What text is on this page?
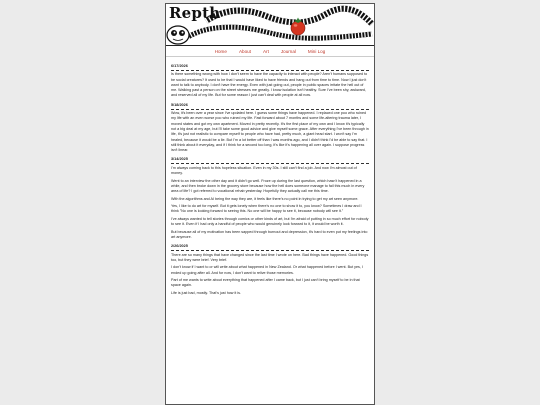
Repth
Home	About	Art	Journal	Mini Log
6/17/2026

Is there something wrong with how I don't seem to have the capacity to interact with people? Aren't humans supposed to be social creatures? It used to be that I would have liked to have friends and hang out from time to time. Now I just don't want to talk to anybody. I don't have the energy. Even with just going out, people in public spaces irritate the hell out of me. Walking past a person on the street stresses me greatly. I know isolation isn't healthy. Sure I've been shy, awkward, and reserved all of my life. But for some reason I just can't deal with people at all now.

5/18/2026

Wow, it's been over a year since I've updated here. I guess some things have happened. I replaced one poo who ruined my life with an even worse poo who ruined my life. Fast forward about 7 months and some life-altering trauma later, I moved states and got my own apartment. Moved in pretty recently. It's the first place of my own and I know it's typically not a big deal at my age, but I'll take some good advice and give myself some grace. After everything I've been through in life, it's just not realistic to compare myself to people who have had, pretty much, a giant head start. I won't say I'm healed, because it would be a lie. But I'm a lot better off than I was months ago, and I didn't think I'd be able to say that. I still think about it everyday, and if I think for a second too long, it's like it's happening all over again. I suppose progress isn't linear.

3/14/2025

I'm always coming back to this hopeless situation. Even in my 30s. I still can't find a job. And now I'm almost out of money.

Went to an interview the other day and it didn't go well. Froze up during the last question, which hasn't happened in a while, and then broke down in the grocery store because how the hell does someone manage to fail this much in every area of life? I got referred to vocational rehab yesterday. Hopefully they actually call me this time.

With the algorithms and AI being the way they are, it feels like there's no point in trying to get my art seen anymore.

Yes, I like to do art for myself. But it gets lonely when there's no one to show it to, you know? Sometimes I draw and I think "No one is looking forward to seeing this. No one will be happy to see it, because nobody will see it."

I've always wanted to tell stories through comics or other kinds of art, but I'm afraid of putting in so much effort for nobody to see it. Even if I had only a handful of people who would genuinely look forward to it, it would be worth it.

But because all of my motivation has been sapped through burnout and depression, it's hard to even put my feelings into art anymore.

2/26/2025

There are so many things that have changed since the last time I wrote on here. Bad things have happened. Good things too, but they were brief. Very brief.

I don't know if I want to or will write about what happened in New Zealand. Or what happened before I went. But yes, I ended up going after all. And for now, I don't want to relive those memories.

Part of me wants to write about everything that happened after I came back, but I just can't bring myself to be in that space again.

Life is just bad, mostly. That's just how it is.
